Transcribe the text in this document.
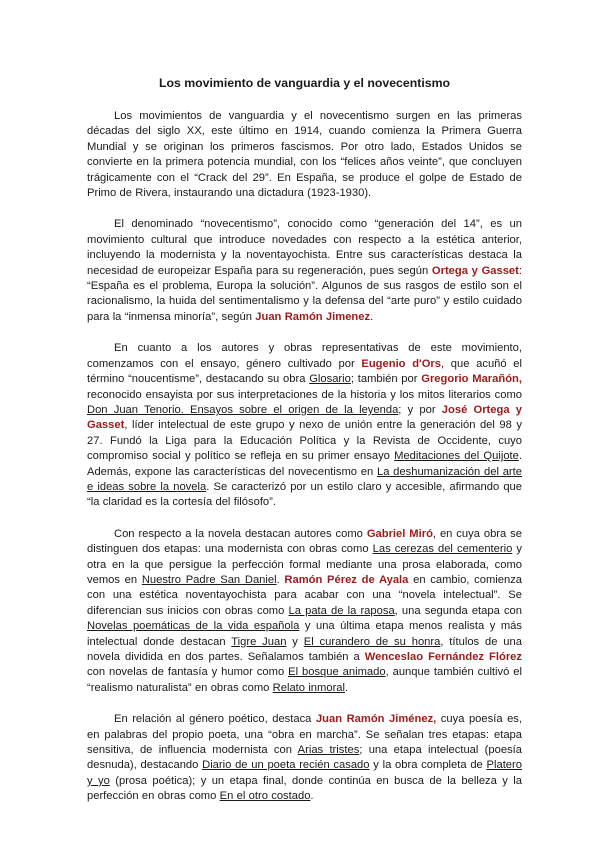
Los movimiento de vanguardia y el novecentismo

Los movimientos de vanguardia y el novecentismo surgen en las primeras décadas del siglo XX, este último en 1914, cuando comienza la Primera Guerra Mundial y se originan los primeros fascismos. Por otro lado, Estados Unidos se convierte en la primera potencia mundial, con los “felices años veinte”, que concluyen trágicamente con el “Crack del 29”. En España, se produce el golpe de Estado de Primo de Rivera, instaurando una dictadura (1923-1930).

El denominado “novecentismo”, conocido como “generación del 14”, es un movimiento cultural que introduce novedades con respecto a la estética anterior, incluyendo la modernista y la noventayochista. Entre sus características destaca la necesidad de europeizar España para su regeneración, pues según Ortega y Gasset: “España es el problema, Europa la solución”. Algunos de sus rasgos de estilo son el racionalismo, la huida del sentimentalismo y la defensa del “arte puro” y estilo cuidado para la “inmensa minoría”, según Juan Ramón Jimenez.

En cuanto a los autores y obras representativas de este movimiento, comenzamos con el ensayo, género cultivado por Eugenio d'Ors, que acuñó el término “noucentisme”, destacando su obra Glosario; también por Gregorio Marañón, reconocido ensayista por sus interpretaciones de la historia y los mitos literarios como Don Juan Tenorio. Ensayos sobre el origen de la leyenda; y por José Ortega y Gasset, líder intelectual de este grupo y nexo de unión entre la generación del 98 y 27. Fundó la Liga para la Educación Política y la Revista de Occidente, cuyo compromiso social y político se refleja en su primer ensayo Meditaciones del Quijote. Además, expone las características del novecentismo en La deshumanización del arte e ideas sobre la novela. Se caracterizó por un estilo claro y accesible, afirmando que “la claridad es la cortesía del filósofo”.

Con respecto a la novela destacan autores como Gabriel Miró, en cuya obra se distinguen dos etapas: una modernista con obras como Las cerezas del cementerio y otra en la que persigue la perfección formal mediante una prosa elaborada, como vemos en Nuestro Padre San Daniel. Ramón Pérez de Ayala en cambio, comienza con una estética noventayochista para acabar con una “novela intelectual”. Se diferencian sus inicios con obras como La pata de la raposa, una segunda etapa con Novelas poemáticas de la vida española y una última etapa menos realista y más intelectual donde destacan Tigre Juan y El curandero de su honra, títulos de una novela dividida en dos partes. Señalamos también a Wenceslao Fernández Flórez con novelas de fantasía y humor como El bosque animado, aunque también cultivó el “realismo naturalista” en obras como Relato inmoral.

En relación al género poético, destaca Juan Ramón Jiménez, cuya poesía es, en palabras del propio poeta, una “obra en marcha”. Se señalan tres etapas: etapa sensitiva, de influencia modernista con Arias tristes; una etapa intelectual (poesía desnuda), destacando Diario de un poeta recién casado y la obra completa de Platero y yo (prosa poética); y un etapa final, donde continúa en busca de la belleza y la perfección en obras como En el otro costado.
